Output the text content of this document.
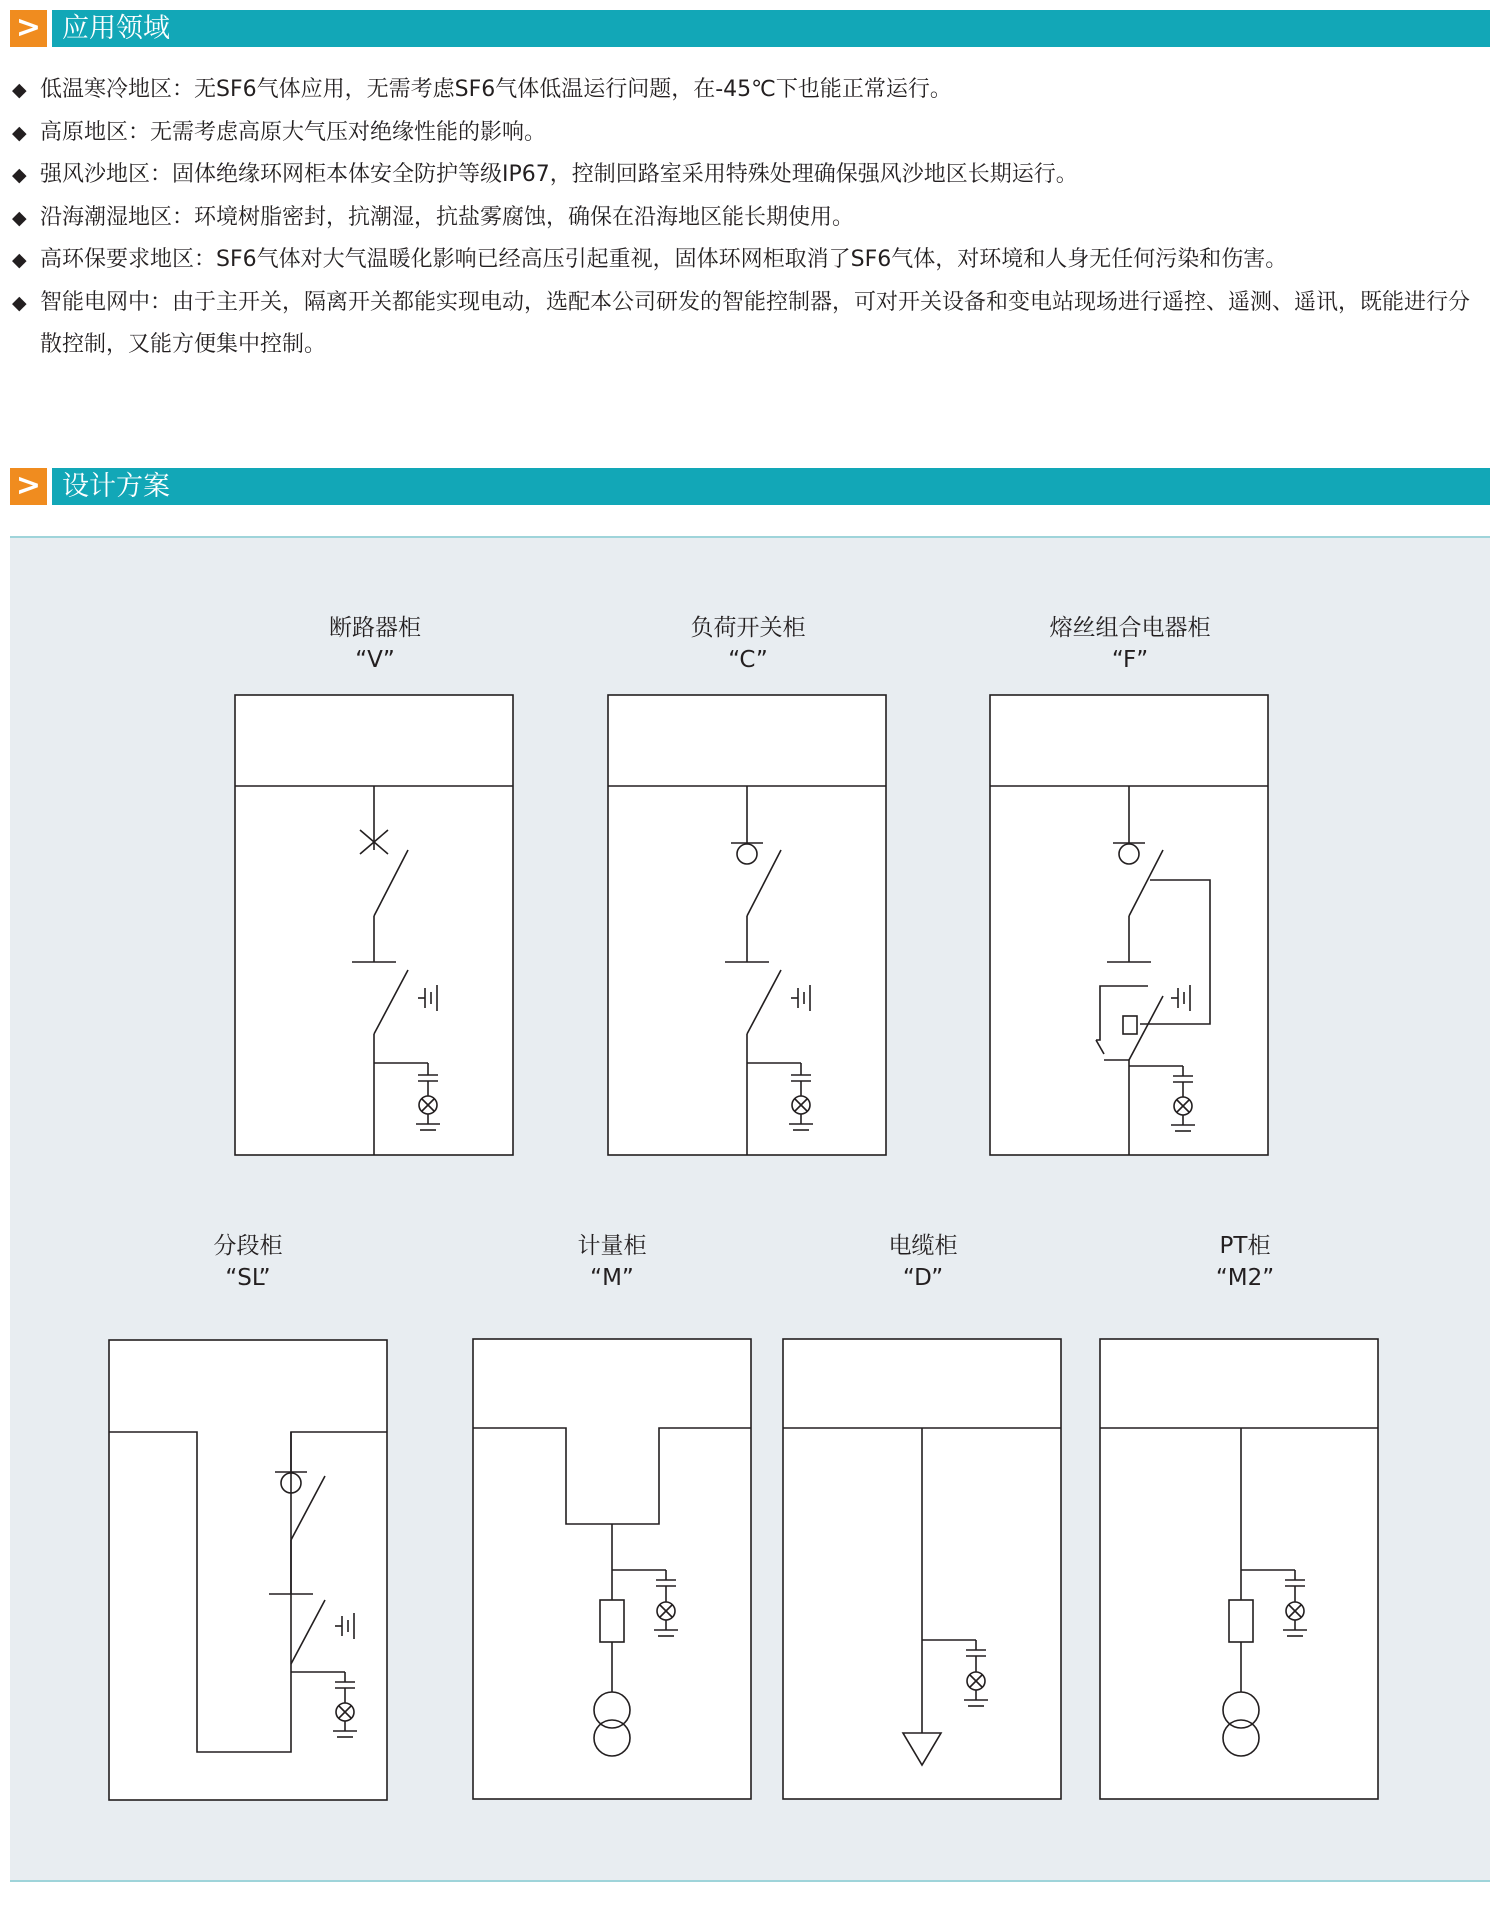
> 应用领域
◆ 低温寒冷地区：无SF6气体应用，无需考虑SF6气体低温运行问题，在-45℃下也能正常运行。
◆ 高原地区：无需考虑高原大气压对绝缘性能的影响。
◆ 强风沙地区：固体绝缘环网柜本体安全防护等级IP67，控制回路室采用特殊处理确保强风沙地区长期运行。
◆ 沿海潮湿地区：环境树脂密封，抗潮湿，抗盐雾腐蚀，确保在沿海地区能长期使用。
◆ 高环保要求地区：SF6气体对大气温暖化影响已经高压引起重视，固体环网柜取消了SF6气体，对环境和人身无任何污染和伤害。
◆ 智能电网中：由于主开关，隔离开关都能实现电动，选配本公司研发的智能控制器，可对开关设备和变电站现场进行遥控、遥测、遥讯，既能进行分散控制，又能方便集中控制。
> 设计方案
断路器柜
“V”
负荷开关柜
“C”
熔丝组合电器柜
“F”
分段柜
“SL”
计量柜
“M”
电缆柜
“D”
PT柜
“M2”
